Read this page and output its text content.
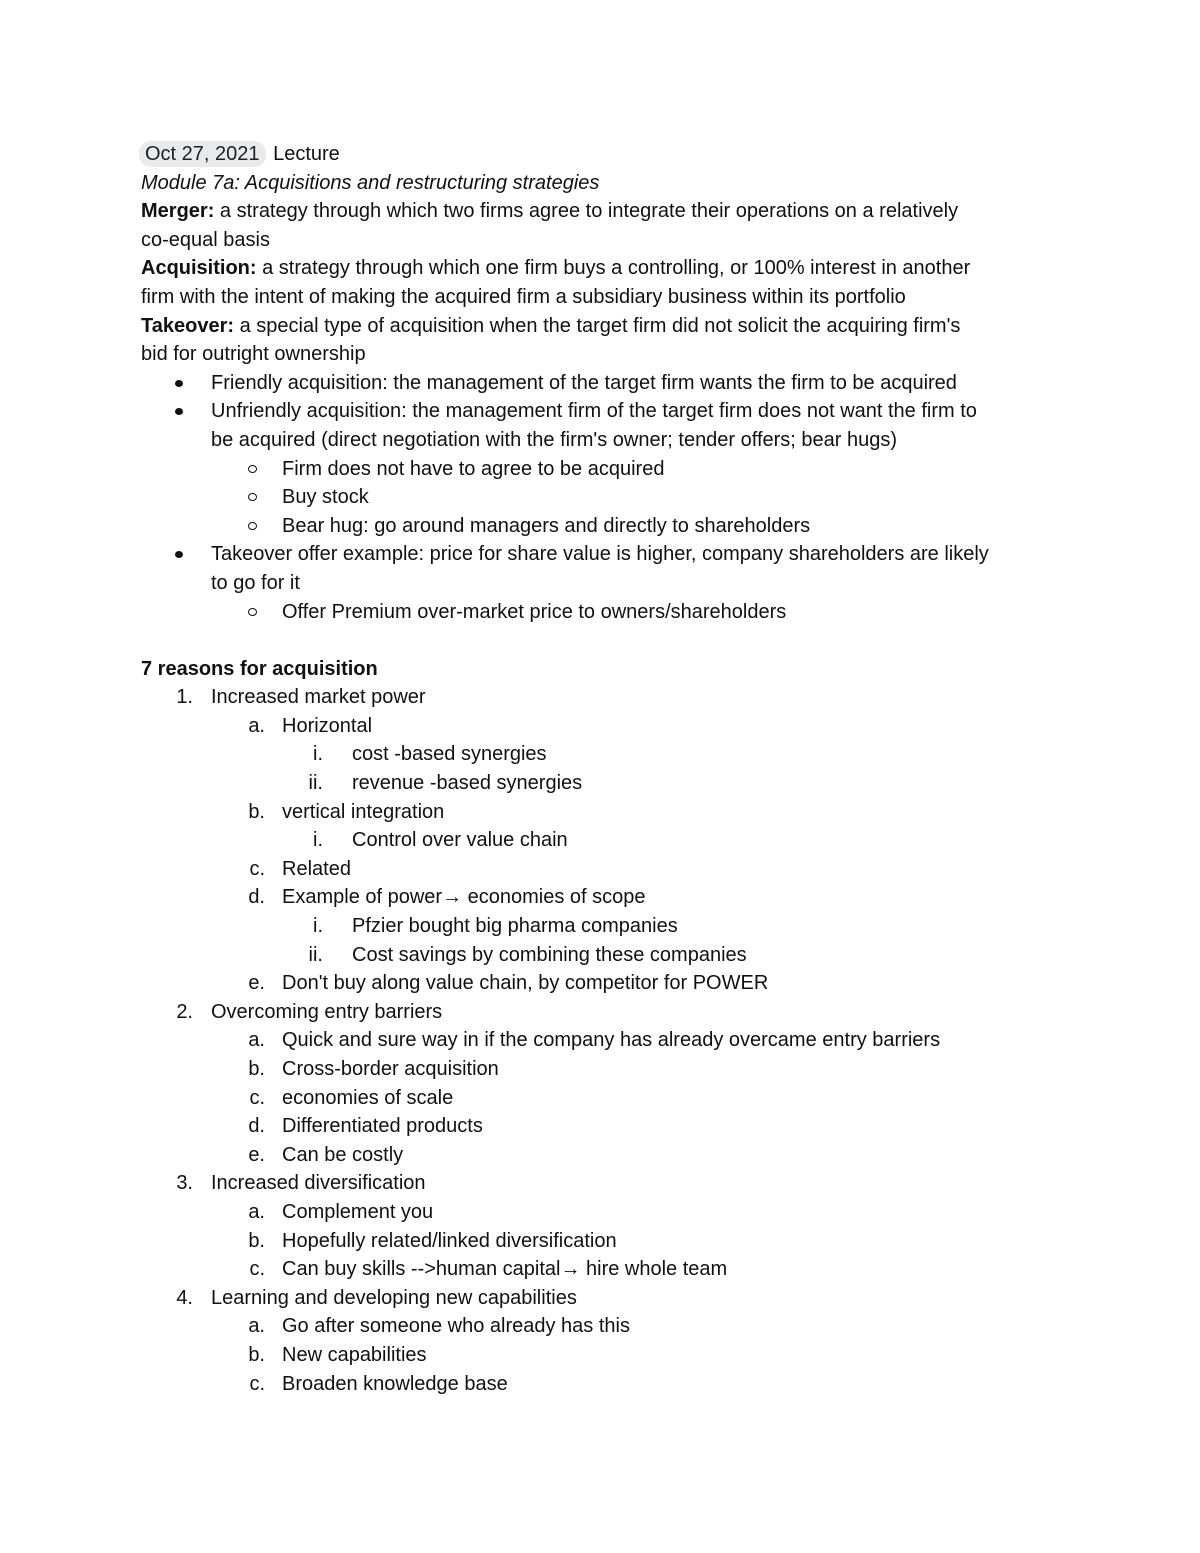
Oct 27, 2021 Lecture
Module 7a: Acquisitions and restructuring strategies
Merger: a strategy through which two firms agree to integrate their operations on a relatively
co-equal basis
Acquisition: a strategy through which one firm buys a controlling, or 100% interest in another
firm with the intent of making the acquired firm a subsidiary business within its portfolio
Takeover: a special type of acquisition when the target firm did not solicit the acquiring firm's
bid for outright ownership
Friendly acquisition: the management of the target firm wants the firm to be acquired
Unfriendly acquisition: the management firm of the target firm does not want the firm to
be acquired (direct negotiation with the firm's owner; tender offers; bear hugs)
Firm does not have to agree to be acquired
Buy stock
Bear hug: go around managers and directly to shareholders
Takeover offer example: price for share value is higher, company shareholders are likely
to go for it
Offer Premium over-market price to owners/shareholders
7 reasons for acquisition
1. Increased market power
a. Horizontal
i. cost -based synergies
ii. revenue -based synergies
b. vertical integration
i. Control over value chain
c. Related
d. Example of power→ economies of scope
i. Pfzier bought big pharma companies
ii. Cost savings by combining these companies
e. Don't buy along value chain, by competitor for POWER
2. Overcoming entry barriers
a. Quick and sure way in if the company has already overcame entry barriers
b. Cross-border acquisition
c. economies of scale
d. Differentiated products
e. Can be costly
3. Increased diversification
a. Complement you
b. Hopefully related/linked diversification
c. Can buy skills -->human capital→ hire whole team
4. Learning and developing new capabilities
a. Go after someone who already has this
b. New capabilities
c. Broaden knowledge base
